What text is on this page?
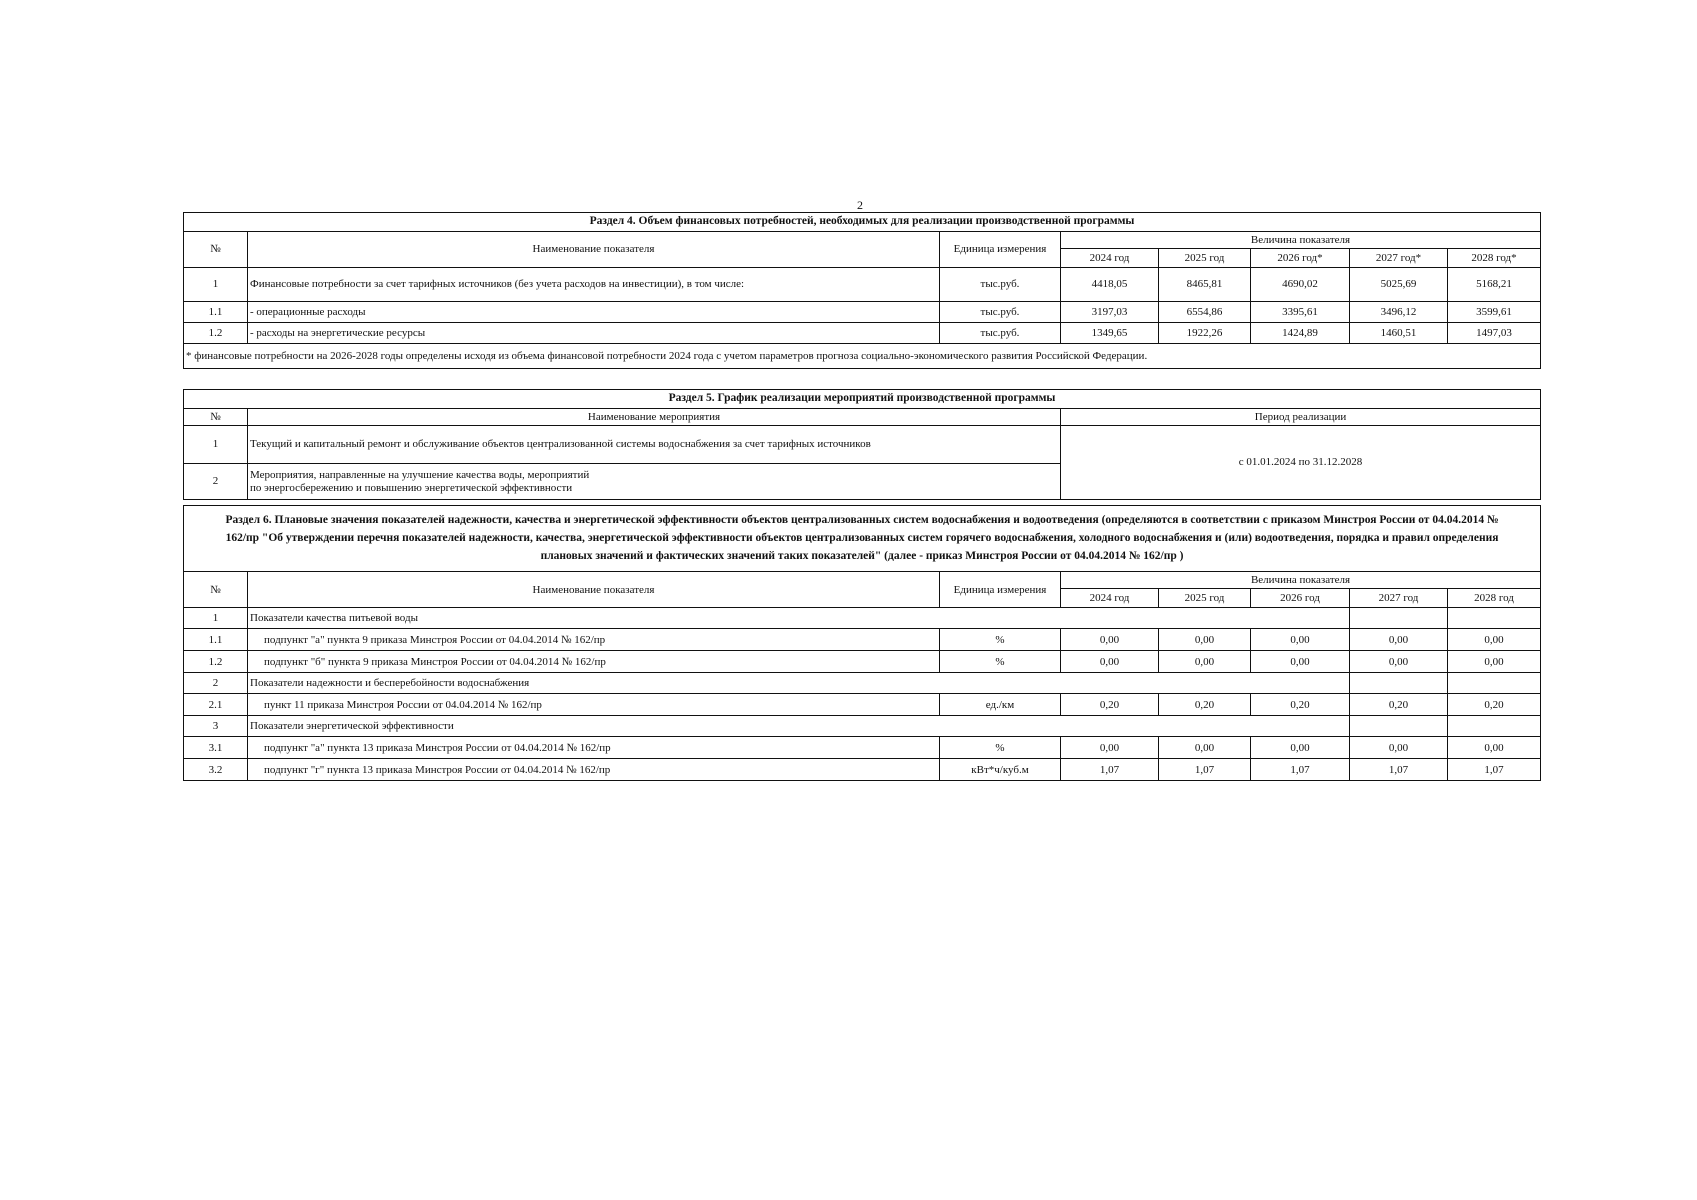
2
Раздел 4. Объем финансовых потребностей, необходимых для реализации производственной программы							
№	Наименование показателя	Единица измерения	Величина показателя				
			2024 год	2025 год	2026 год*	2027 год*	2028 год*
1	Финансовые потребности за счет тарифных источников (без учета расходов на инвестиции), в том числе:	тыс.руб.	4418,05	8465,81	4690,02	5025,69	5168,21
1.1	- операционные расходы	тыс.руб.	3197,03	6554,86	3395,61	3496,12	3599,61
1.2	- расходы на энергетические ресурсы	тыс.руб.	1349,65	1922,26	1424,89	1460,51	1497,03
* финансовые потребности на 2026-2028 годы определены исходя из объема финансовой потребности 2024 года с учетом параметров прогноза социально-экономического развития Российской Федерации.							
Раздел 5. График реализации мероприятий производственной программы		
№	Наименование мероприятия	Период реализации
1	Текущий и капитальный ремонт и обслуживание объектов централизованной системы водоснабжения за счет тарифных источников	с 01.01.2024 по 31.12.2028
2	Мероприятия, направленные на улучшение качества воды, мероприятий
по энергосбережению и повышению энергетической эффективности	
Раздел 6. Плановые значения показателей надежности, качества и энергетической эффективности объектов централизованных систем водоснабжения и водоотведения (определяются в соответствии с приказом Минстроя России от 04.04.2014 № 162/пр "Об утверждении перечня показателей надежности, качества, энергетической эффективности объектов централизованных систем горячего водоснабжения, холодного водоснабжения и (или) водоотведения, порядка и правил определения плановых значений и фактических значений таких показателей" (далее - приказ Минстроя России от 04.04.2014 № 162/пр )							
№	Наименование показателя	Единица измерения	Величина показателя				
			2024 год	2025 год	2026 год	2027 год	2028 год
1	Показатели качества питьевой воды						
1.1	подпункт "а" пункта 9 приказа Минстроя России от 04.04.2014 № 162/пр	%	0,00	0,00	0,00	0,00	0,00
1.2	подпункт "б" пункта 9 приказа Минстроя России от 04.04.2014 № 162/пр	%	0,00	0,00	0,00	0,00	0,00
2	Показатели надежности и бесперебойности водоснабжения						
2.1	пункт 11 приказа Минстроя России от 04.04.2014 № 162/пр	ед./км	0,20	0,20	0,20	0,20	0,20
3	Показатели энергетической эффективности						
3.1	подпункт "а" пункта 13 приказа Минстроя России от 04.04.2014 № 162/пр	%	0,00	0,00	0,00	0,00	0,00
3.2	подпункт "г" пункта 13 приказа Минстроя России от 04.04.2014 № 162/пр	кВт*ч/куб.м	1,07	1,07	1,07	1,07	1,07
